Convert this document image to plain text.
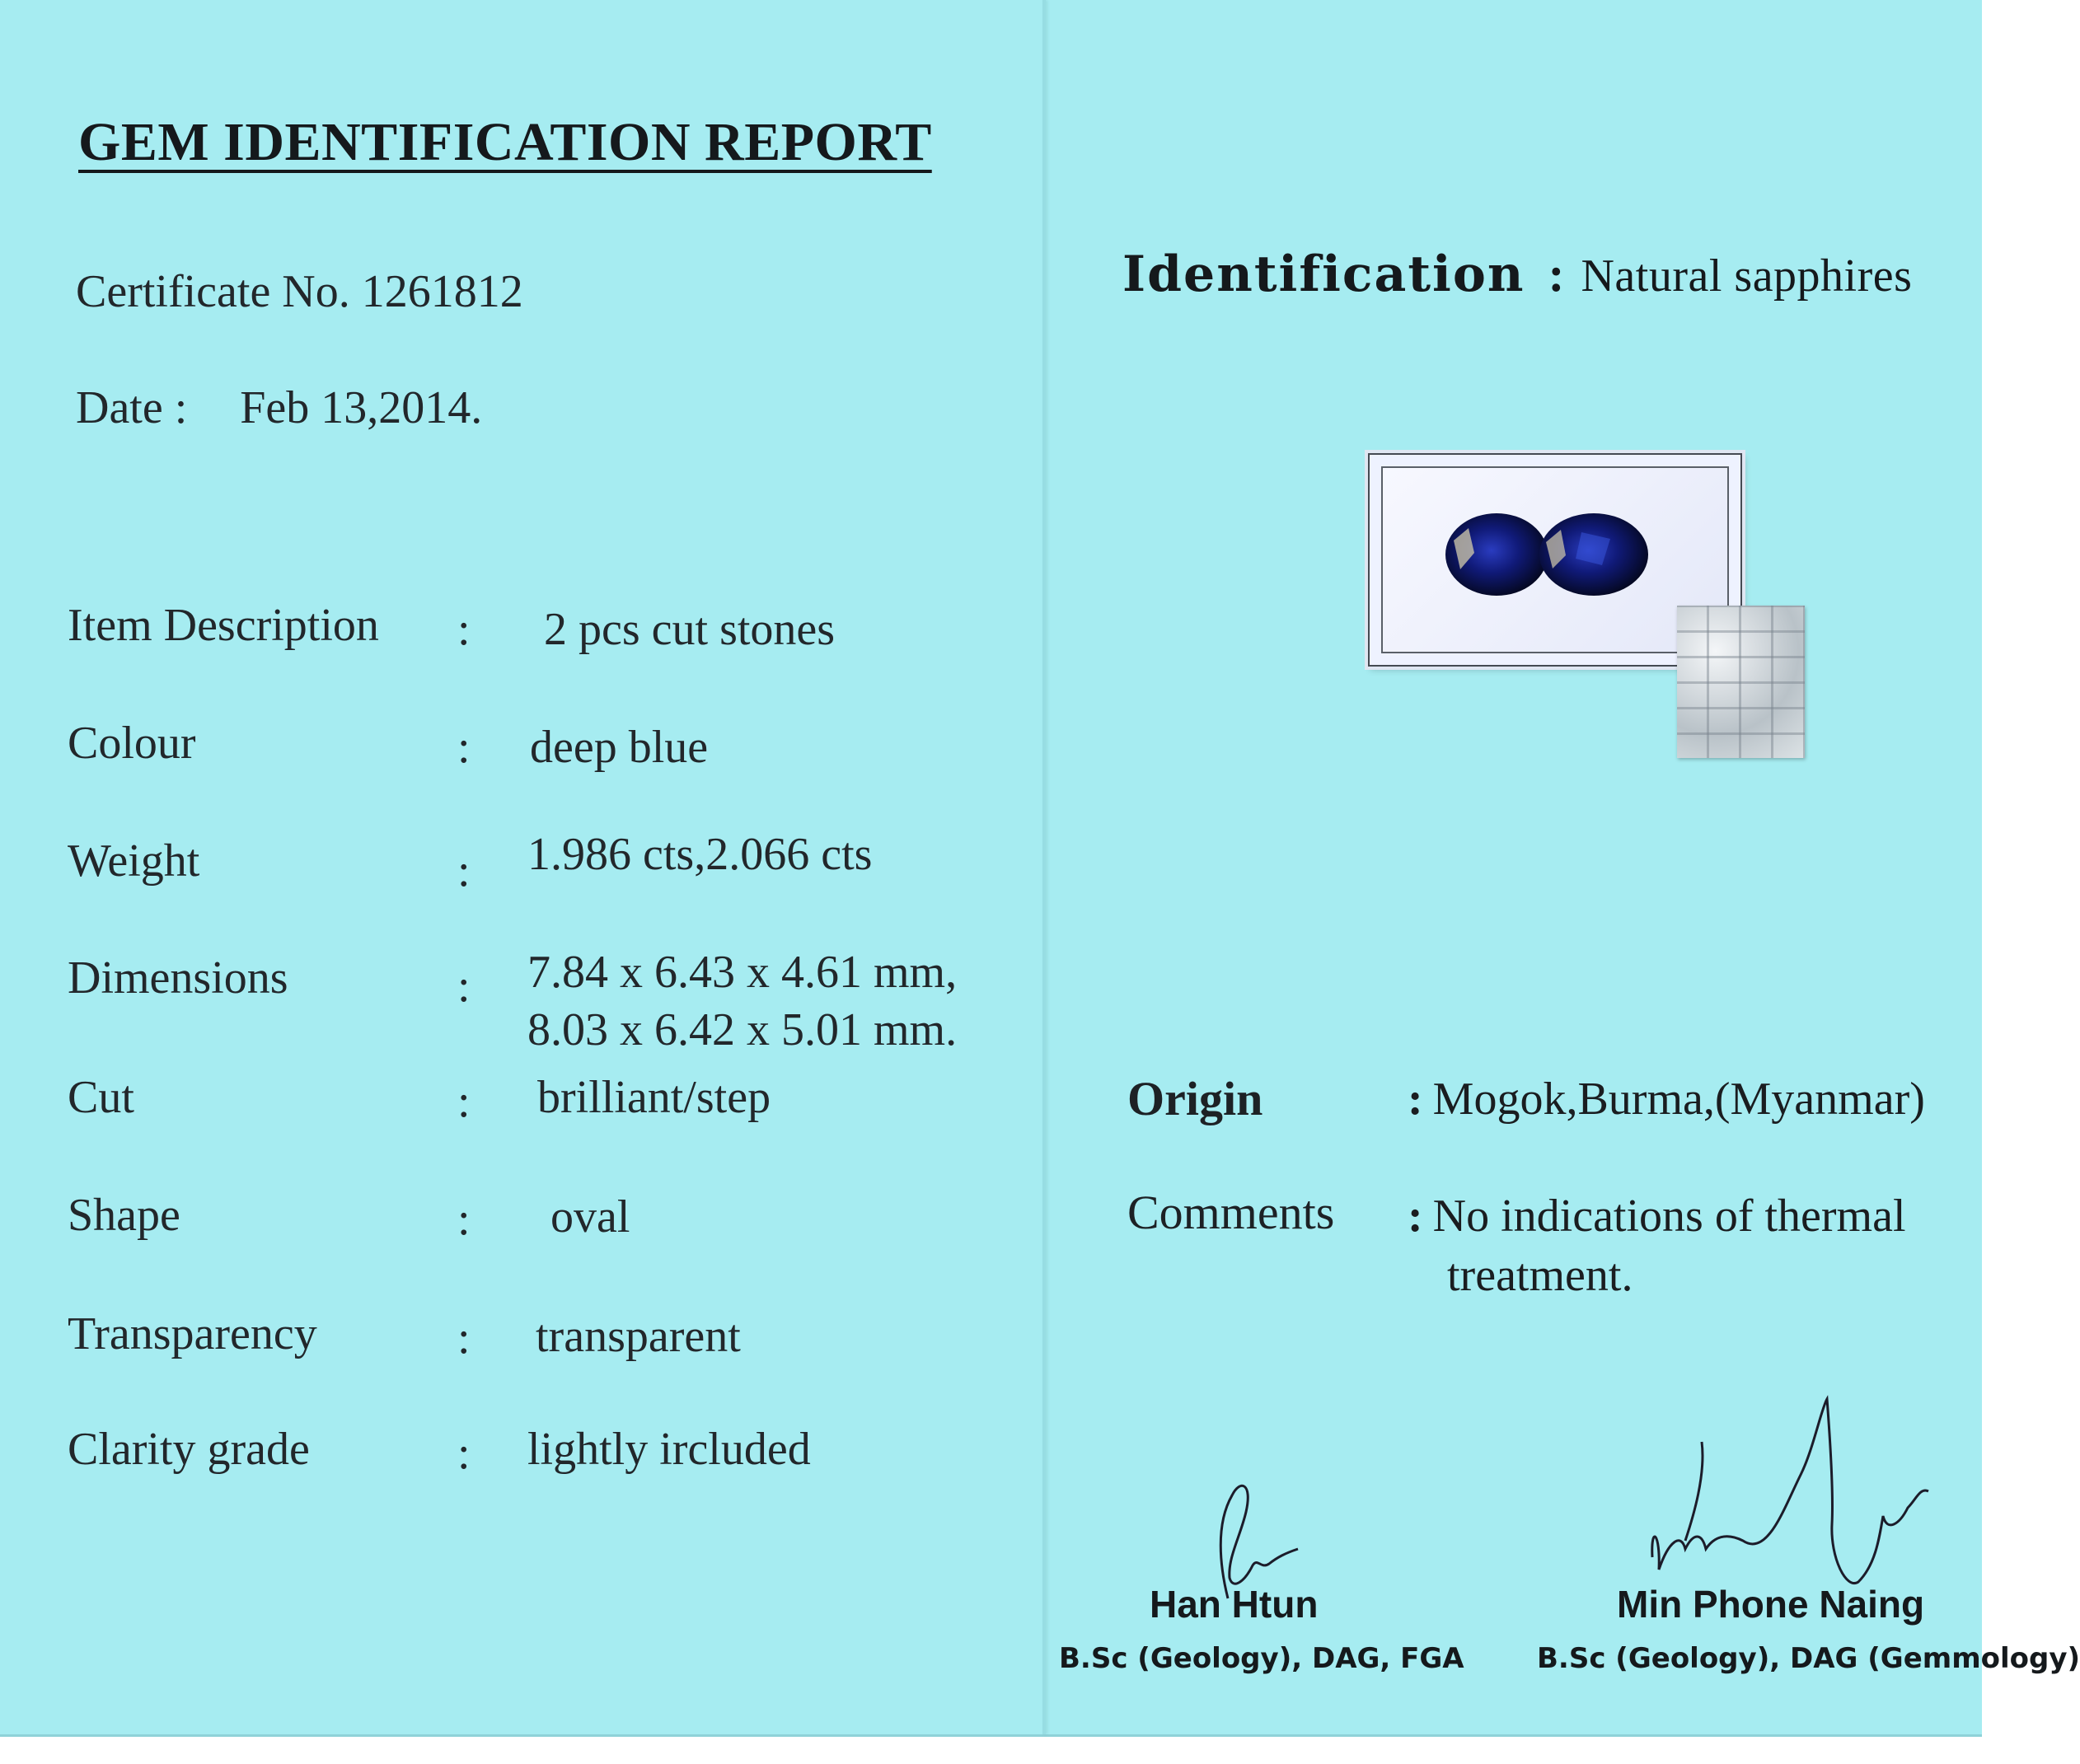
GEM IDENTIFICATION REPORT
Certificate No. 1261812
Date : Feb 13,2014.
Item Description : 2 pcs cut stones
Colour	: deep blue
Weight	: 1.986 cts,2.066 cts
Dimensions	: 7.84 x 6.43 x 4.61 mm,
8.03 x 6.42 x 5.01 mm.
Cut	: brilliant/step
Shape	: oval
Transparency	: transparent
Clarity grade	: lightly ircluded
Identification : Natural sapphires
Origin	: Mogok,Burma,(Myanmar)
Comments : No indications of thermal
treatment.
Han Htun
B.Sc (Geology), DAG, FGA
Min Phone Naing
B.Sc (Geology), DAG (Gemmology)
